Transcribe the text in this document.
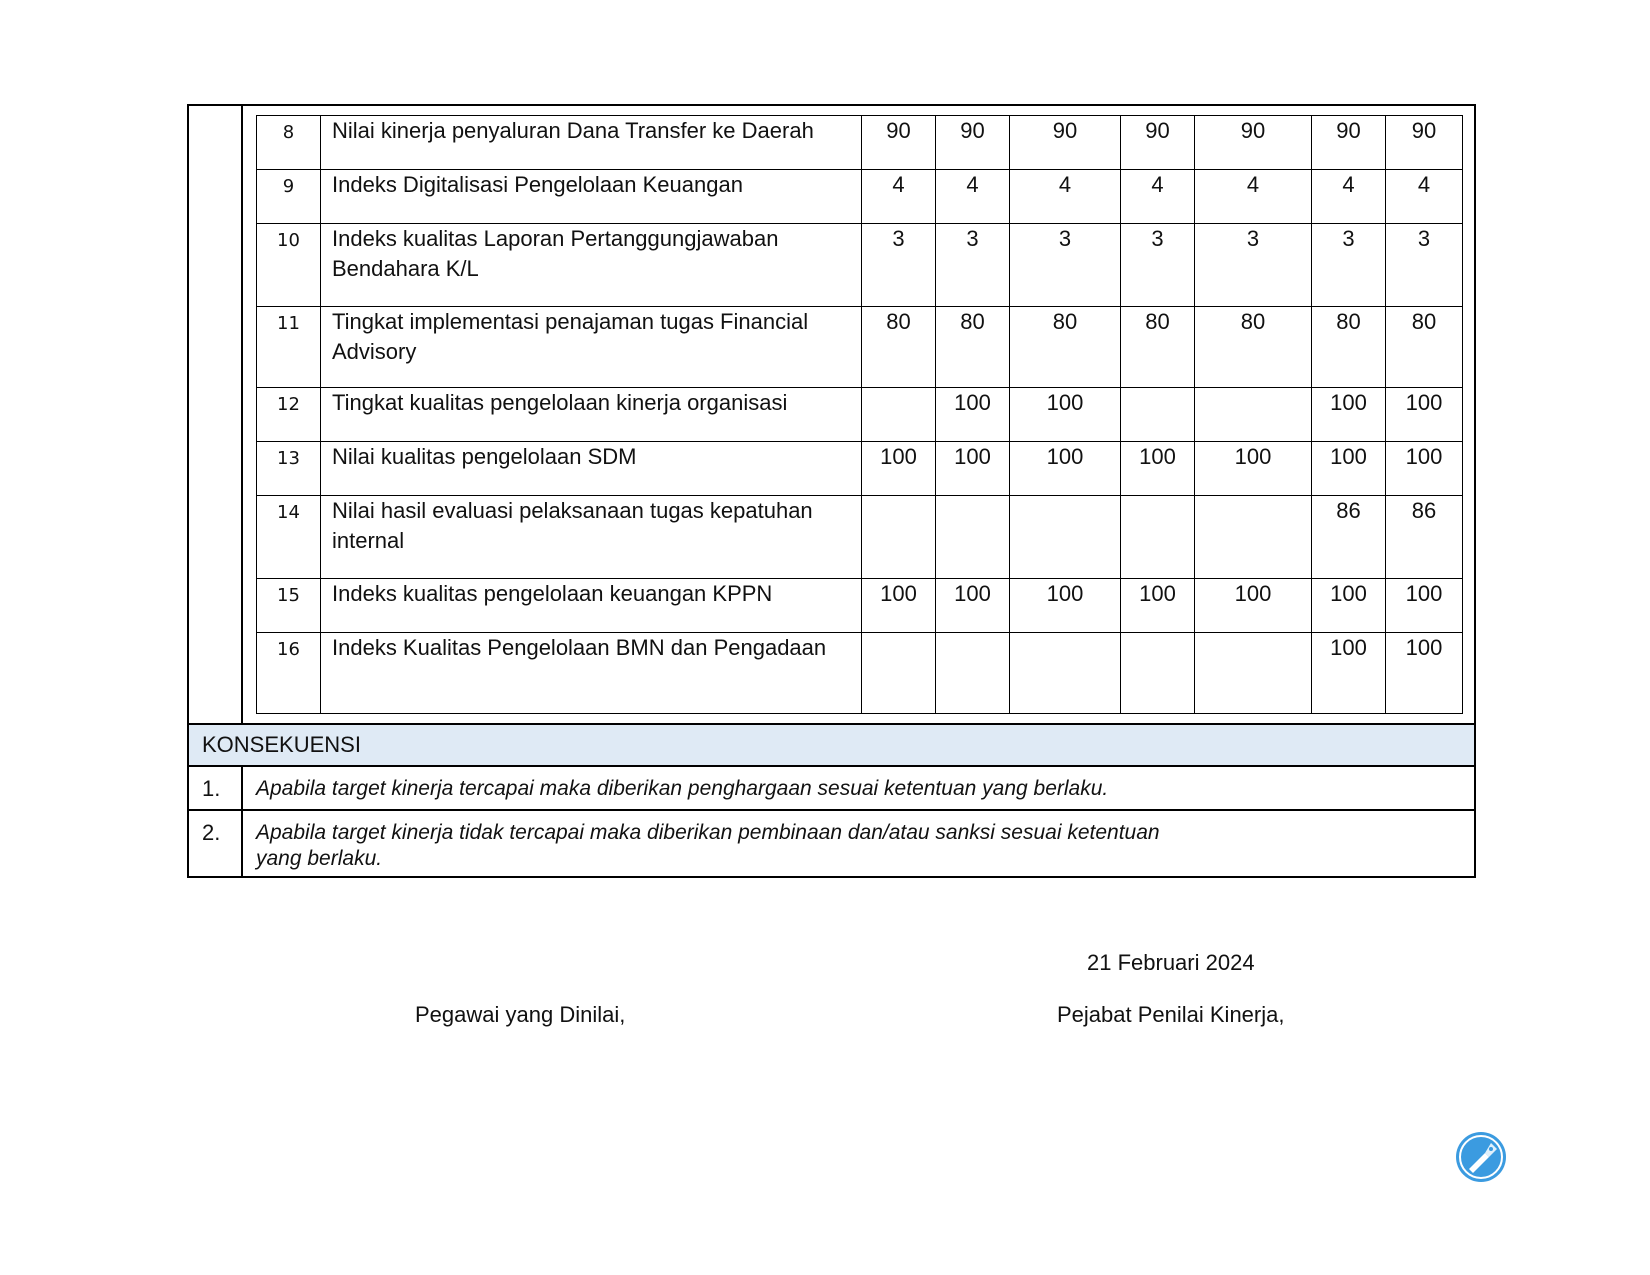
8	Nilai kinerja penyaluran Dana Transfer ke Daerah	90	90	90	90	90	90	90
9	Indeks Digitalisasi Pengelolaan Keuangan	4	4	4	4	4	4	4
10	Indeks kualitas Laporan Pertanggungjawaban Bendahara K/L	3	3	3	3	3	3	3
11	Tingkat implementasi penajaman tugas Financial Advisory	80	80	80	80	80	80	80
12	Tingkat kualitas pengelolaan kinerja organisasi		100	100			100	100
13	Nilai kualitas pengelolaan SDM	100	100	100	100	100	100	100
14	Nilai hasil evaluasi pelaksanaan tugas kepatuhan internal						86	86
15	Indeks kualitas pengelolaan keuangan KPPN	100	100	100	100	100	100	100
16	Indeks Kualitas Pengelolaan BMN dan Pengadaan						100	100
KONSEKUENSI
1. Apabila target kinerja tercapai maka diberikan penghargaan sesuai ketentuan yang berlaku.
2. Apabila target kinerja tidak tercapai maka diberikan pembinaan dan/atau sanksi sesuai ketentuan
yang berlaku.
21 Februari 2024
Pegawai yang Dinilai,	Pejabat Penilai Kinerja,
